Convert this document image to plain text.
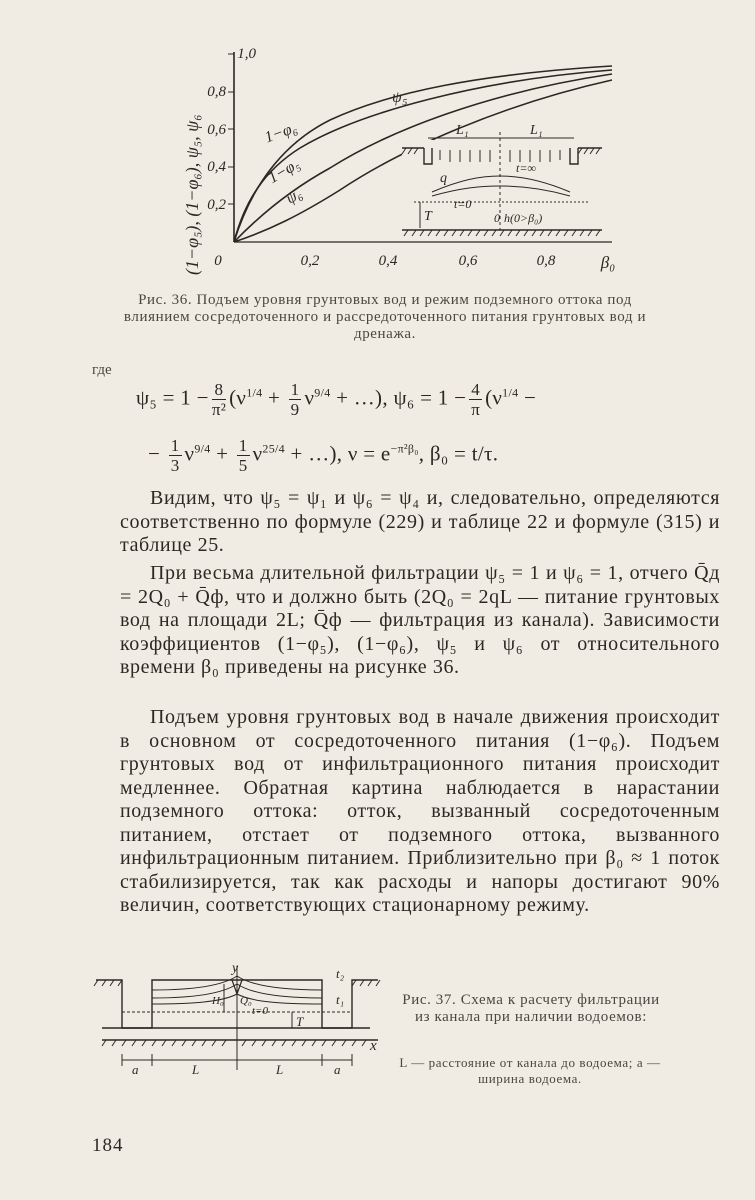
(1−φ₅), (1−φ₆), ψ₅, ψ₆
1,0
0,8
0,6
0,4
0,2
0	0,2	0,4	0,6	0,8	β₀
ψ₅
1−φ₆
1−φ₅
ψ₆
L₁	L₁
q
T
t=0
0 h(0>β₀)
t=∞
Рис. 36. Подъем уровня грунтовых вод и режим подземного оттока под влиянием сосредоточенного и рассредоточенного питания грунтовых вод и дренажа.
где
$\psi_5 = 1 - \frac{8}{\text{π²}} (\nu^{1/4} + \frac{1}{9} \nu^{9/4}$ + …), $\psi_6 = 1 - \frac{4}{\pi} (\nu^{1/4}$ −
− $\frac{1}{3} \nu^{9/4} + \frac{1}{5} \nu^{25/4}$ + …), $\nu = e^{-\pi^2\beta_0}$, β₀ = t/τ.

Видим, что ψ₅ = ψ₁ и ψ₆ = ψ₄ и, следовательно, определяются соответственно по формуле (229) и таблице 22 и формуле (315) и таблице 25.

При весьма длительной фильтрации ψ₅ = 1 и ψ₆ = 1, отчего Q̄д = 2Q₀ + Q̄ф, что и должно быть (2Q₀ = 2qL — питание грунтовых вод на площади 2L; Q̄ф — фильтрация из канала). Зависимости коэффициентов (1−φ₅), (1−φ₆), ψ₅ и ψ₆ от относительного времени β₀ приведены на рисунке 36.

Подъем уровня грунтовых вод в начале движения происходит в основном от сосредоточенного питания (1−φ₆). Подъем грунтовых вод от инфильтрационного питания происходит медленнее. Обратная картина наблюдается в нарастании подземного оттока: отток, вызванный сосредоточенным питанием, отстает от подземного оттока, вызванного инфильтрационным питанием. Приблизительно при β₀ ≈ 1 поток стабилизируется, так как расходы и напоры достигают 90% величин, соответствующих стационарному режиму.

y	t₂
t₁
H₀ Q₀
t=0
T
x
a	L	L	a
Рис. 37. Схема к расчету фильтрации из канала при наличии водоемов:
L — расстояние от канала до водоема; a — ширина водоема.
184
